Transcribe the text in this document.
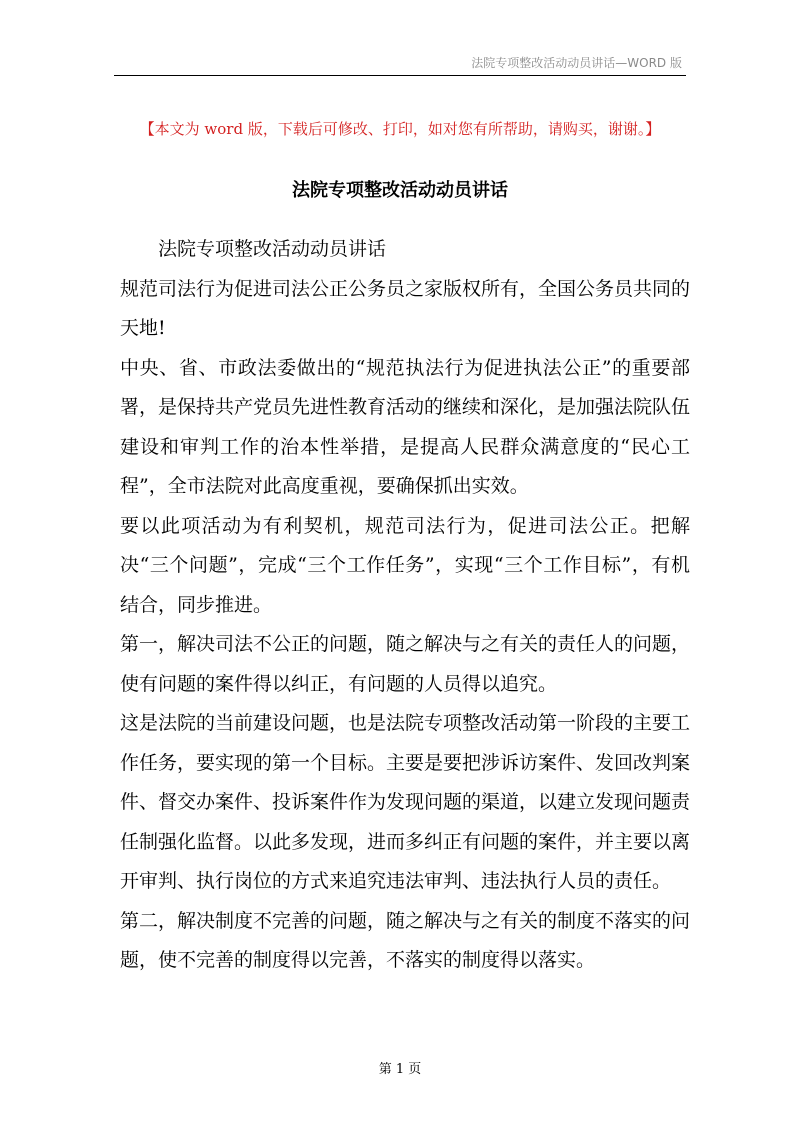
法院专项整改活动动员讲话—WORD 版
【本文为 word 版，下载后可修改、打印，如对您有所帮助，请购买，谢谢。】
法院专项整改活动动员讲话

法院专项整改活动动员讲话

规范司法行为促进司法公正公务员之家版权所有，全国公务员共同的天地!

中央、省、市政法委做出的“规范执法行为促进执法公正”的重要部署，是保持共产党员先进性教育活动的继续和深化，是加强法院队伍建设和审判工作的治本性举措，是提高人民群众满意度的“民心工程”，全市法院对此高度重视，要确保抓出实效。

要以此项活动为有利契机，规范司法行为，促进司法公正。把解决“三个问题”，完成“三个工作任务”，实现“三个工作目标”，有机结合，同步推进。

第一，解决司法不公正的问题，随之解决与之有关的责任人的问题，使有问题的案件得以纠正，有问题的人员得以追究。

这是法院的当前建设问题，也是法院专项整改活动第一阶段的主要工作任务，要实现的第一个目标。主要是要把涉诉访案件、发回改判案件、督交办案件、投诉案件作为发现问题的渠道，以建立发现问题责任制强化监督。以此多发现，进而多纠正有问题的案件，并主要以离开审判、执行岗位的方式来追究违法审判、违法执行人员的责任。

第二，解决制度不完善的问题，随之解决与之有关的制度不落实的问题，使不完善的制度得以完善，不落实的制度得以落实。

第 1 页
